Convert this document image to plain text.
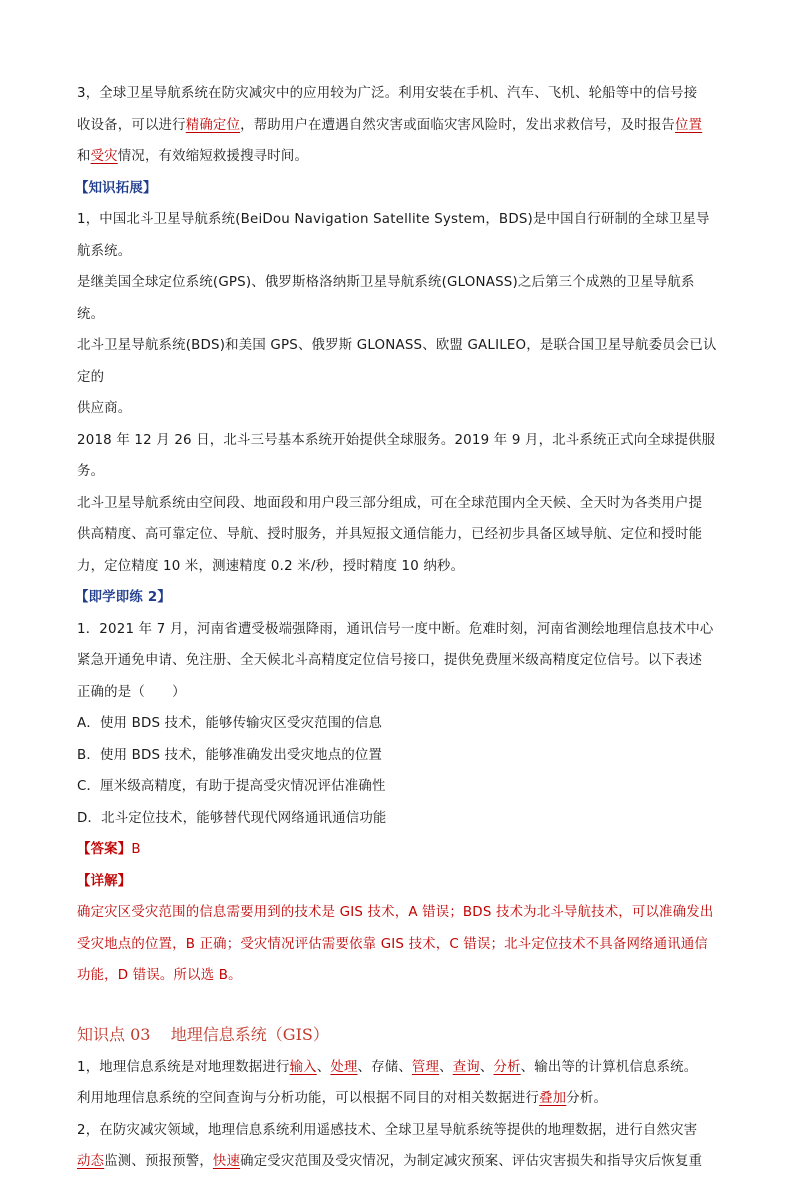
3，全球卫星导航系统在防灾减灾中的应用较为广泛。利用安装在手机、汽车、飞机、轮船等中的信号接
收设备，可以进行精确定位，帮助用户在遭遇自然灾害或面临灾害风险时，发出求救信号，及时报告位置
和受灾情况，有效缩短救援搜寻时间。

【知识拓展】

1，中国北斗卫星导航系统(BeiDou Navigation Satellite System，BDS)是中国自行研制的全球卫星导航系统。
是继美国全球定位系统(GPS)、俄罗斯格洛纳斯卫星导航系统(GLONASS)之后第三个成熟的卫星导航系统。
北斗卫星导航系统(BDS)和美国 GPS、俄罗斯 GLONASS、欧盟 GALILEO，是联合国卫星导航委员会已认定的
供应商。
2018 年 12 月 26 日，北斗三号基本系统开始提供全球服务。2019 年 9 月，北斗系统正式向全球提供服务。
北斗卫星导航系统由空间段、地面段和用户段三部分组成，可在全球范围内全天候、全天时为各类用户提
供高精度、高可靠定位、导航、授时服务，并具短报文通信能力，已经初步具备区域导航、定位和授时能
力，定位精度 10 米，测速精度 0.2 米/秒，授时精度 10 纳秒。

【即学即练 2】

1．2021 年 7 月，河南省遭受极端强降雨，通讯信号一度中断。危难时刻，河南省测绘地理信息技术中心
紧急开通免申请、免注册、全天候北斗高精度定位信号接口，提供免费厘米级高精度定位信号。以下表述
正确的是（　　）

A．使用 BDS 技术，能够传输灾区受灾范围的信息

B．使用 BDS 技术，能够准确发出受灾地点的位置

C．厘米级高精度，有助于提高受灾情况评估准确性

D．北斗定位技术，能够替代现代网络通讯通信功能

【答案】B

【详解】

确定灾区受灾范围的信息需要用到的技术是 GIS 技术，A 错误；BDS 技术为北斗导航技术，可以准确发出
受灾地点的位置，B 正确；受灾情况评估需要依靠 GIS 技术，C 错误；北斗定位技术不具备网络通讯通信
功能，D 错误。所以选 B。

知识点 03 地理信息系统（GIS）

1，地理信息系统是对地理数据进行输入、处理、存储、管理、查询、分析、输出等的计算机信息系统。
利用地理信息系统的空间查询与分析功能，可以根据不同目的对相关数据进行叠加分析。
2，在防灾减灾领域，地理信息系统利用遥感技术、全球卫星导航系统等提供的地理数据，进行自然灾害
动态监测、预报预警，快速确定受灾范围及受灾情况，为制定减灾预案、评估灾害损失和指导灾后恢复重
